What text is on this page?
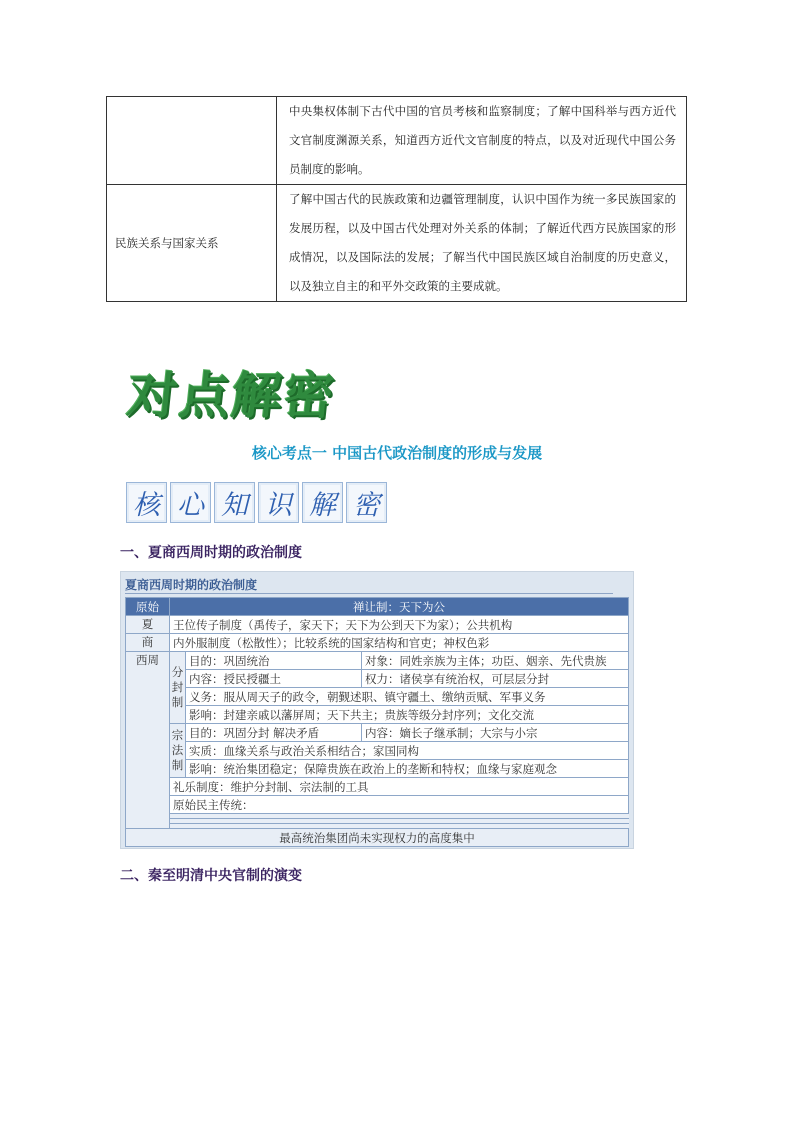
	中央集权体制下古代中国的官员考核和监察制度；了解中国科举与西方近代文官制度渊源关系，知道西方近代文官制度的特点，以及对近现代中国公务员制度的影响。
民族关系与国家关系	了解中国古代的民族政策和边疆管理制度，认识中国作为统一多民族国家的发展历程，以及中国古代处理对外关系的体制；了解近代西方民族国家的形成情况，以及国际法的发展；了解当代中国民族区域自治制度的历史意义，以及独立自主的和平外交政策的主要成就。
对点解密
核心考点一 中国古代政治制度的形成与发展
核 心 知 识 解 密
一、夏商西周时期的政治制度
夏商西周时期的政治制度
原始	禅让制：天下为公		
夏	王位传子制度（禹传子，家天下；天下为公到天下为家）；公共机构		
商	内外服制度（松散性）；比较系统的国家结构和官吏；神权色彩		
西周	分封制	目的：巩固统治	对象：同姓亲族为主体；功臣、姻亲、先代贵族
		内容：授民授疆土	权力：诸侯享有统治权，可层层分封
		义务：服从周天子的政令，朝觐述职、镇守疆土、缴纳贡赋、军事义务	
		影响：封建亲戚以藩屏周；天下共主；贵族等级分封序列；文化交流	
	宗法制	目的：巩固分封 解决矛盾	内容：嫡长子继承制；大宗与小宗
		实质：血缘关系与政治关系相结合；家国同构	
		影响：统治集团稳定；保障贵族在政治上的垄断和特权；血缘与家庭观念	
	礼乐制度：维护分封制、宗法制的工具		
	原始民主传统：		

最高统治集团尚未实现权力的高度集中			
二、秦至明清中央官制的演变
